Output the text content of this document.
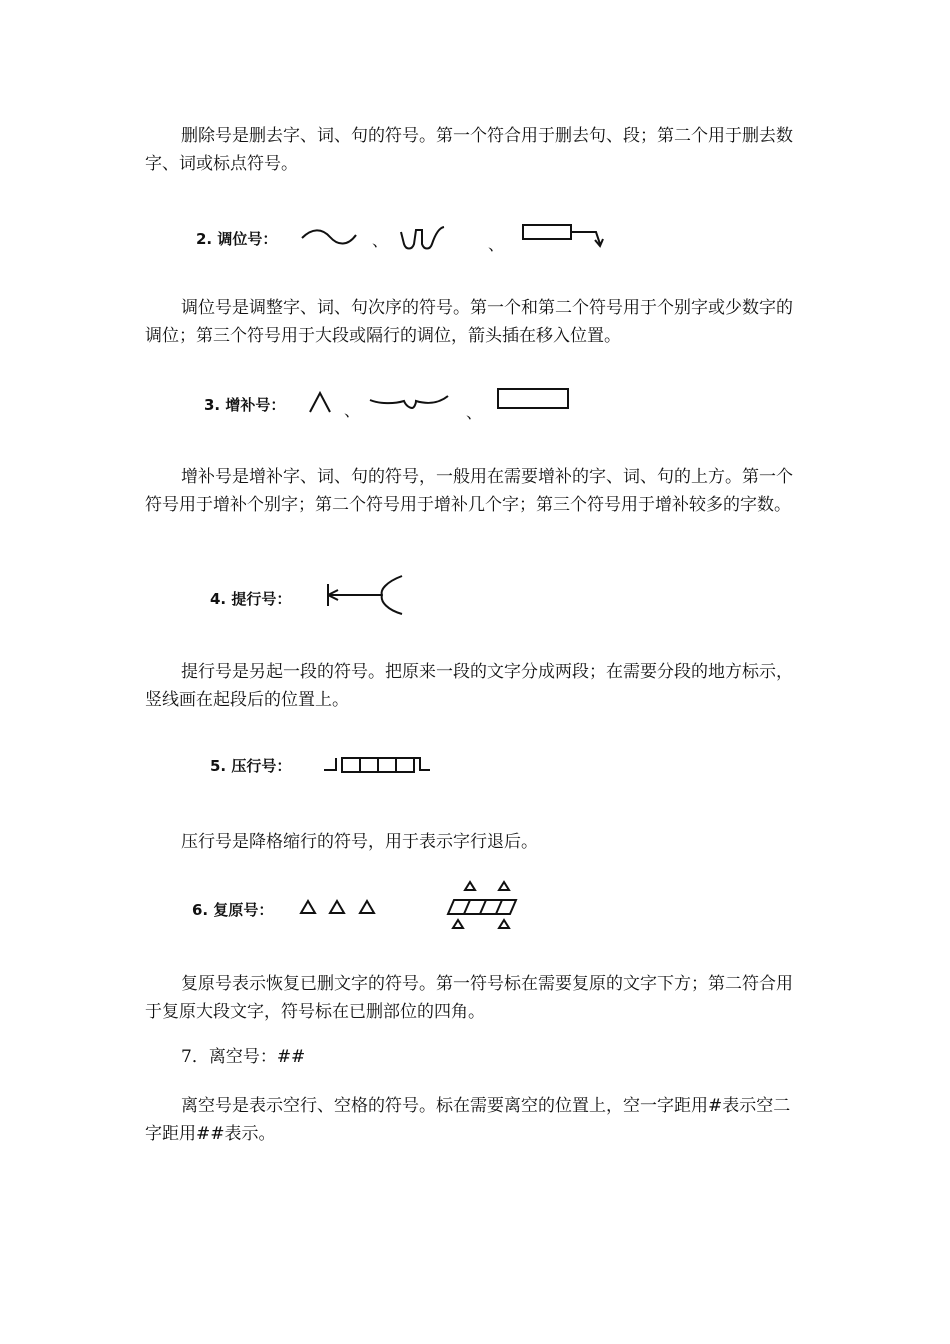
删除号是删去字、词、句的符号。第一个符合用于删去句、段；第二个用于删去数字、词或标点符号。

2. 调位号：	、	、

调位号是调整字、词、句次序的符号。第一个和第二个符号用于个别字或少数字的调位；第三个符号用于大段或隔行的调位，箭头插在移入位置。

3. 增补号：	、	、

增补号是增补字、词、句的符号，一般用在需要增补的字、词、句的上方。第一个符号用于增补个别字；第二个符号用于增补几个字；第三个符号用于增补较多的字数。

4. 提行号：

提行号是另起一段的符号。把原来一段的文字分成两段；在需要分段的地方标示，竖线画在起段后的位置上。

5. 压行号：

压行号是降格缩行的符号，用于表示字行退后。

6. 复原号：

复原号表示恢复已删文字的符号。第一符号标在需要复原的文字下方；第二符合用于复原大段文字，符号标在已删部位的四角。

7．离空号：##

离空号是表示空行、空格的符号。标在需要离空的位置上，空一字距用#表示空二字距用##表示。
